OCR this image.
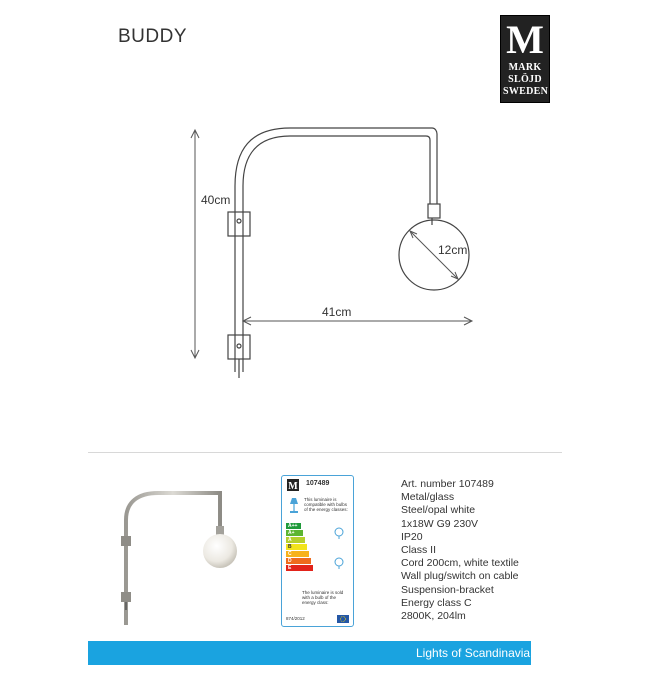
BUDDY	M
MARK
SLÖJD
SWEDEN
40cm
12cm
41cm
M 107489
This luminaire is compatible with bulbs of the energy classes:
A++
A+
A
B
C
D
E
The luminaire is sold with a bulb of the energy class:
874/2012
Art. number 107489
Metal/glass
Steel/opal white
1x18W G9 230V
IP20
Class II
Cord 200cm, white textile
Wall plug/switch on cable
Suspension-bracket
Energy class C
2800K, 204lm
Lights of Scandinavia
